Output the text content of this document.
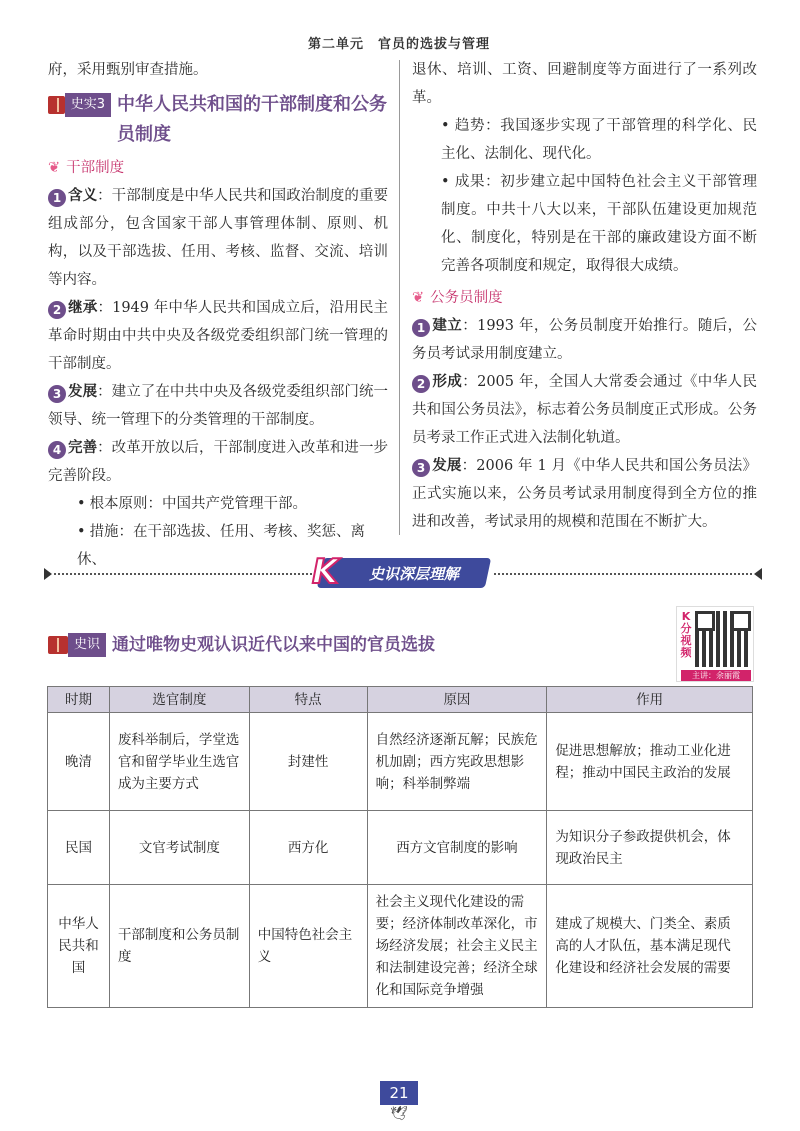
第二单元 官员的选拔与管理
府，采用甄别审查措施。
史实3 中华人民共和国的干部制度和公务员制度
❦ 干部制度
1 含义：干部制度是中华人民共和国政治制度的重要组成部分，包含国家干部人事管理体制、原则、机构，以及干部选拔、任用、考核、监督、交流、培训等内容。
2 继承：1949 年中华人民共和国成立后，沿用民主革命时期由中共中央及各级党委组织部门统一管理的干部制度。
3 发展：建立了在中共中央及各级党委组织部门统一领导、统一管理下的分类管理的干部制度。
4 完善：改革开放以后，干部制度进入改革和进一步完善阶段。
• 根本原则：中国共产党管理干部。
• 措施：在干部选拔、任用、考核、奖惩、离休、
退休、培训、工资、回避制度等方面进行了一系列改革。
• 趋势：我国逐步实现了干部管理的科学化、民主化、法制化、现代化。
• 成果：初步建立起中国特色社会主义干部管理制度。中共十八大以来，干部队伍建设更加规范化、制度化，特别是在干部的廉政建设方面不断完善各项制度和规定，取得很大成绩。
❦ 公务员制度
1 建立：1993 年，公务员制度开始推行。随后，公务员考试录用制度建立。
2 形成：2005 年，全国人大常委会通过《中华人民共和国公务员法》，标志着公务员制度正式形成。公务员考录工作正式进入法制化轨道。
3 发展：2006 年 1 月《中华人民共和国公务员法》正式实施以来，公务员考试录用制度得到全方位的推进和改善，考试录用的规模和范围在不断扩大。
K	史识深层理解
史识 通过唯物史观认识近代以来中国的官员选拔
K分视频
主讲：余丽霞
时期	选官制度	特点	原因	作用
晚清	废科举制后，学堂选官和留学毕业生选官成为主要方式	封建性	自然经济逐渐瓦解；民族危机加剧；西方宪政思想影响；科举制弊端	促进思想解放；推动工业化进程；推动中国民主政治的发展
民国	文官考试制度	西方化	西方文官制度的影响	为知识分子参政提供机会，体现政治民主
中华人民共和国	干部制度和公务员制度	中国特色社会主义	社会主义现代化建设的需要；经济体制改革深化，市场经济发展；社会主义民主和法制建设完善；经济全球化和国际竞争增强	建成了规模大、门类全、素质高的人才队伍，基本满足现代化建设和经济社会发展的需要
21
🕊
